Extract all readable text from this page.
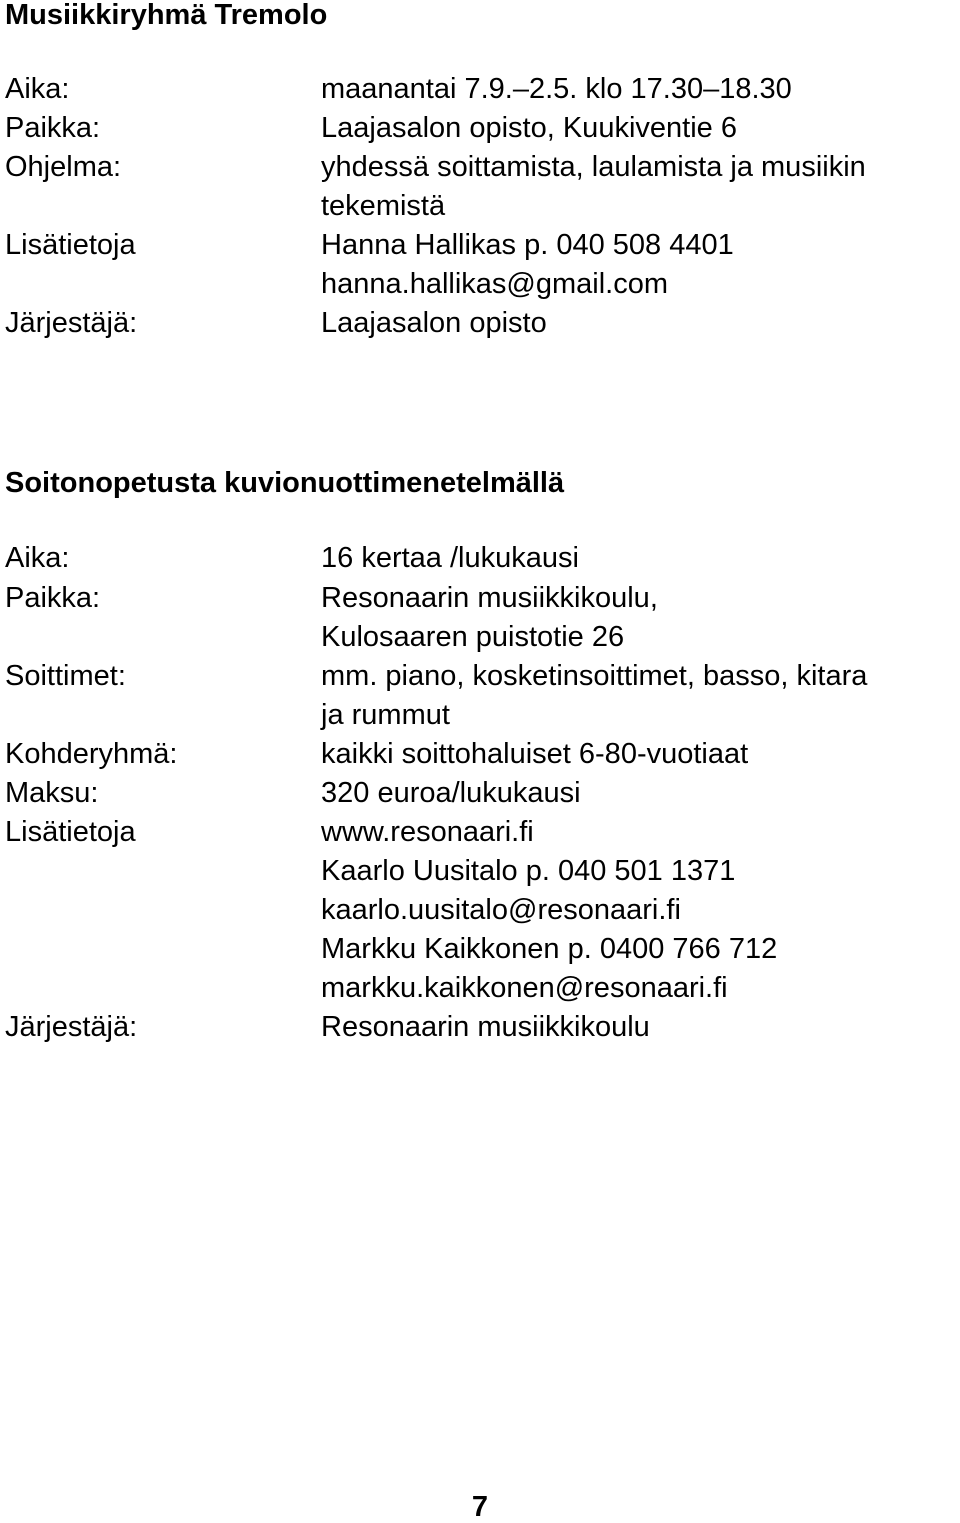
Musiikkiryhmä Tremolo
Aika:	maanantai 7.9.–2.5. klo 17.30–18.30
Paikka:	Laajasalon opisto, Kuukiventie 6
Ohjelma:	yhdessä soittamista, laulamista ja musiikin
tekemistä
Lisätietoja	Hanna Hallikas p. 040 508 4401
hanna.hallikas@gmail.com
Järjestäjä:	Laajasalon opisto
Soitonopetusta kuvionuottimenetelmällä
Aika:	16 kertaa /lukukausi
Paikka:	Resonaarin musiikkikoulu,
Kulosaaren puistotie 26
Soittimet:	mm. piano, kosketinsoittimet, basso, kitara
ja rummut
Kohderyhmä:	kaikki soittohaluiset 6-80-vuotiaat
Maksu:	320 euroa/lukukausi
Lisätietoja	www.resonaari.fi
Kaarlo Uusitalo p. 040 501 1371
kaarlo.uusitalo@resonaari.fi
Markku Kaikkonen p. 0400 766 712
markku.kaikkonen@resonaari.fi
Järjestäjä:	Resonaarin musiikkikoulu
7
